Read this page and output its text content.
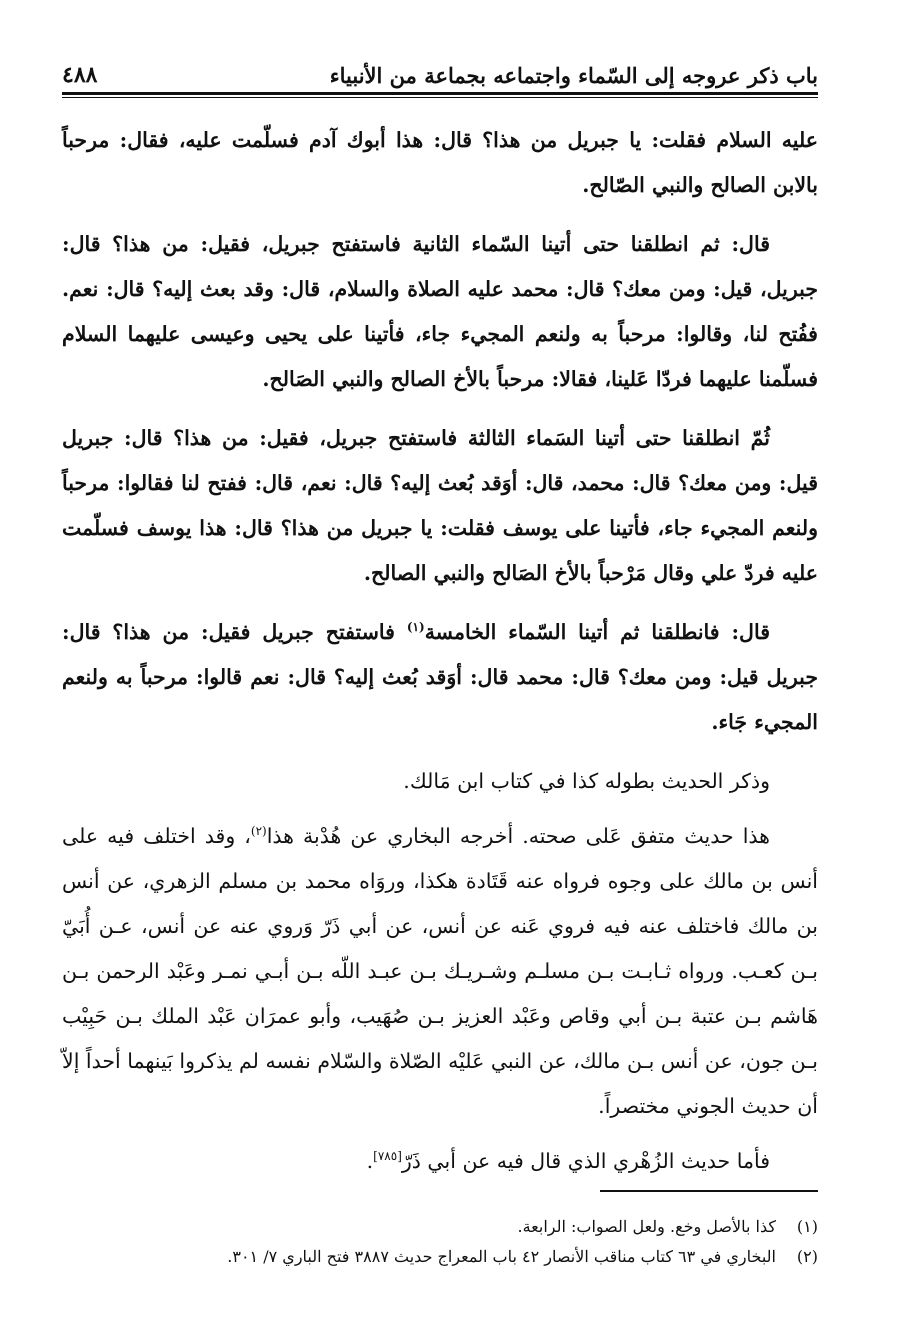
باب ذكر عروجه إلى السّماء واجتماعه بجماعة من الأنبياء
٤٨٨

عليه السلام فقلت: يا جبريل من هذا؟ قال: هذا أبوك آدم فسلّمت عليه، فقال: مرحباً بالابن الصالح والنبي الصّالح.

قال: ثم انطلقنا حتى أتينا السّماء الثانية فاستفتح جبريل، فقيل: من هذا؟ قال: جبريل، قيل: ومن معك؟ قال: محمد عليه الصلاة والسلام، قال: وقد بعث إليه؟ قال: نعم. ففُتح لنا، وقالوا: مرحباً به ولنعم المجيء جاء، فأتينا على يحيى وعيسى عليهما السلام فسلّمنا عليهما فردّا عَلينا، فقالا: مرحباً بالأخ الصالح والنبي الصَالح.

ثُمّ انطلقنا حتى أتينا السَماء الثالثة فاستفتح جبريل، فقيل: من هذا؟ قال: جبريل قيل: ومن معك؟ قال: محمد، قال: أوَقد بُعث إليه؟ قال: نعم، قال: ففتح لنا فقالوا: مرحباً ولنعم المجيء جاء، فأتينا على يوسف فقلت: يا جبريل من هذا؟ قال: هذا يوسف فسلّمت عليه فردّ علي وقال مَرْحباً بالأخ الصَالح والنبي الصالح.

قال: فانطلقنا ثم أتينا السّماء الخامسة$^{(١)}$ فاستفتح جبريل فقيل: من هذا؟ قال: جبريل قيل: ومن معك؟ قال: محمد قال: أوَقد بُعث إليه؟ قال: نعم قالوا: مرحباً به ولنعم المجيء جَاء.

وذكر الحديث بطوله كذا في كتاب ابن مَالك.

هذا حديث متفق عَلى صحته. أخرجه البخاري عن هُدْبة هذا$^{(٢)}$، وقد اختلف فيه على أنس بن مالك على وجوه فرواه عنه قَتَادة هكذا، وروَاه محمد بن مسلم الزهري، عن أنس بن مالك فاختلف عنه فيه فروي عَنه عن أنس، عن أبي ذَرّ وَروي عنه عن أنس، عـن أُبَيّ بـن كعـب. ورواه ثـابـت بـن مسلـم وشـريـك بـن عبـد اللّه بـن أبـي نمـر وعَبْد الرحمن بـن هَاشم بـن عتبة بـن أبي وقاص وعَبْد العزيز بـن صُهَيب، وأبو عمرَان عَبْد الملك بـن حَبِيْب بـن جون، عن أنس بـن مالك، عن النبي عَليْه الصّلاة والسّلام نفسه لم يذكروا بَينهما أحداً إلاّ أن حديث الجوني مختصراً.

فأما حديث الزُهْري الذي قال فيه عن أبي ذَرّ[٧٨٥].

(١)
كذا بالأصل وخع. ولعل الصواب: الرابعة.
(٢)
البخاري في ٦٣ كتاب مناقب الأنصار ٤٢ باب المعراج حديث ٣٨٨٧ فتح الباري ٧/ ٣٠١.
